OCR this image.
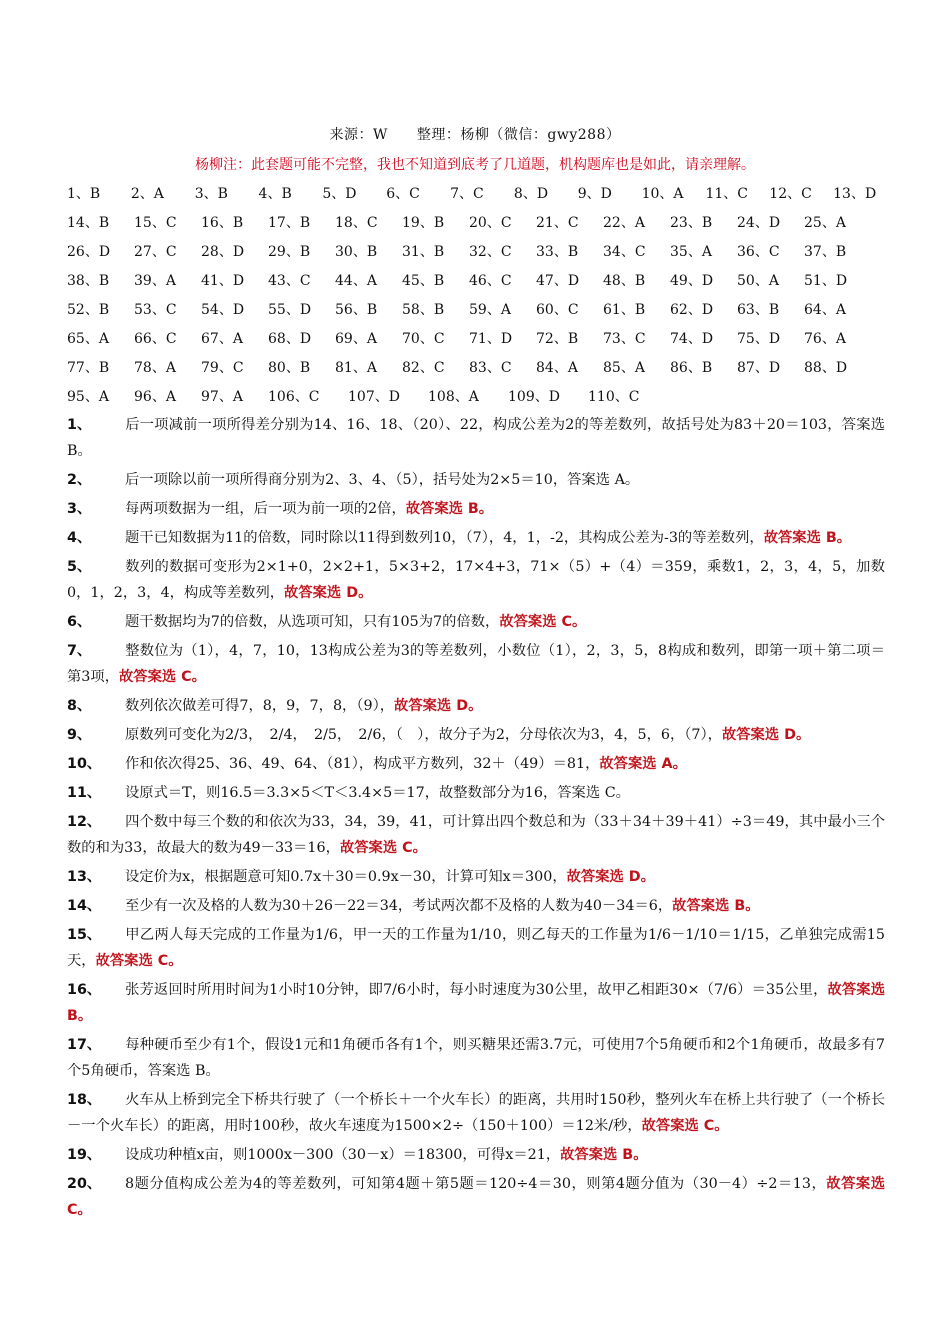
来源：W　　整理：杨柳（微信：gwy288）
杨柳注：此套题可能不完整，我也不知道到底考了几道题，机构题库也是如此，请亲理解。
1、B	2、A	3、B	4、B	5、D	6、C	7、C	8、D	9、D	10、A	11、C	12、C	13、D
14、B	15、C	16、B	17、B	18、C	19、B	20、C	21、C	22、A	23、B	24、D	25、A
26、D	27、C	28、D	29、B	30、B	31、B	32、C	33、B	34、C	35、A	36、C	37、B
38、B	39、A	41、D	43、C	44、A	45、B	46、C	47、D	48、B	49、D	50、A	51、D
52、B	53、C	54、D	55、D	56、B	58、B	59、A	60、C	61、B	62、D	63、B	64、A
65、A	66、C	67、A	68、D	69、A	70、C	71、D	72、B	73、C	74、D	75、D	76、A
77、B	78、A	79、C	80、B	81、A	82、C	83、C	84、A	85、A	86、B	87、D	88、D
95、A	96、A	97、A	106、C	107、D	108、A	109、D	110、C
1、 后一项减前一项所得差分别为14、16、18、（20）、22，构成公差为2的等差数列，故括号处为83＋20＝103，答案选 B。
2、 后一项除以前一项所得商分别为2、3、4、（5），括号处为2×5＝10，答案选 A。
3、 每两项数据为一组，后一项为前一项的2倍，故答案选 B。
4、 题干已知数据为11的倍数，同时除以11得到数列10，（7），4，1，-2，其构成公差为-3的等差数列，故答案选 B。
5、 数列的数据可变形为2×1+0，2×2+1，5×3+2，17×4+3，71×（5）+（4）＝359，乘数1，2，3，4，5，加数0，1，2，3，4，构成等差数列，故答案选 D。
6、 题干数据均为7的倍数，从选项可知，只有105为7的倍数，故答案选 C。
7、 整数位为（1），4，7，10，13构成公差为3的等差数列，小数位（1），2，3，5，8构成和数列，即第一项＋第二项＝第3项，故答案选 C。
8、 数列依次做差可得7，8，9，7，8，（9），故答案选 D。
9、 原数列可变化为2/3，　2/4，　2/5，　2/6，（　），故分子为2，分母依次为3，4，5，6，（7），故答案选 D。
10、 作和依次得25、36、49、64、（81），构成平方数列，32＋（49）＝81，故答案选 A。
11、 设原式＝T，则16.5＝3.3×5＜T＜3.4×5＝17，故整数部分为16，答案选 C。
12、 四个数中每三个数的和依次为33，34，39，41，可计算出四个数总和为（33＋34＋39＋41）÷3＝49，其中最小三个数的和为33，故最大的数为49－33＝16，故答案选 C。
13、 设定价为x，根据题意可知0.7x＋30＝0.9x－30，计算可知x＝300，故答案选 D。
14、 至少有一次及格的人数为30＋26－22＝34，考试两次都不及格的人数为40－34＝6，故答案选 B。
15、 甲乙两人每天完成的工作量为1/6，甲一天的工作量为1/10，则乙每天的工作量为1/6－1/10＝1/15，乙单独完成需15天，故答案选 C。
16、 张芳返回时所用时间为1小时10分钟，即7/6小时，每小时速度为30公里，故甲乙相距30×（7/6）＝35公里，故答案选 B。
17、 每种硬币至少有1个，假设1元和1角硬币各有1个，则买糖果还需3.7元，可使用7个5角硬币和2个1角硬币，故最多有7个5角硬币，答案选 B。
18、 火车从上桥到完全下桥共行驶了（一个桥长＋一个火车长）的距离，共用时150秒，整列火车在桥上共行驶了（一个桥长－一个火车长）的距离，用时100秒，故火车速度为1500×2÷（150＋100）＝12米/秒，故答案选 C。
19、 设成功种植x亩，则1000x－300（30－x）＝18300，可得x＝21，故答案选 B。
20、 8题分值构成公差为4的等差数列，可知第4题＋第5题＝120÷4＝30，则第4题分值为（30－4）÷2＝13，故答案选 C。
